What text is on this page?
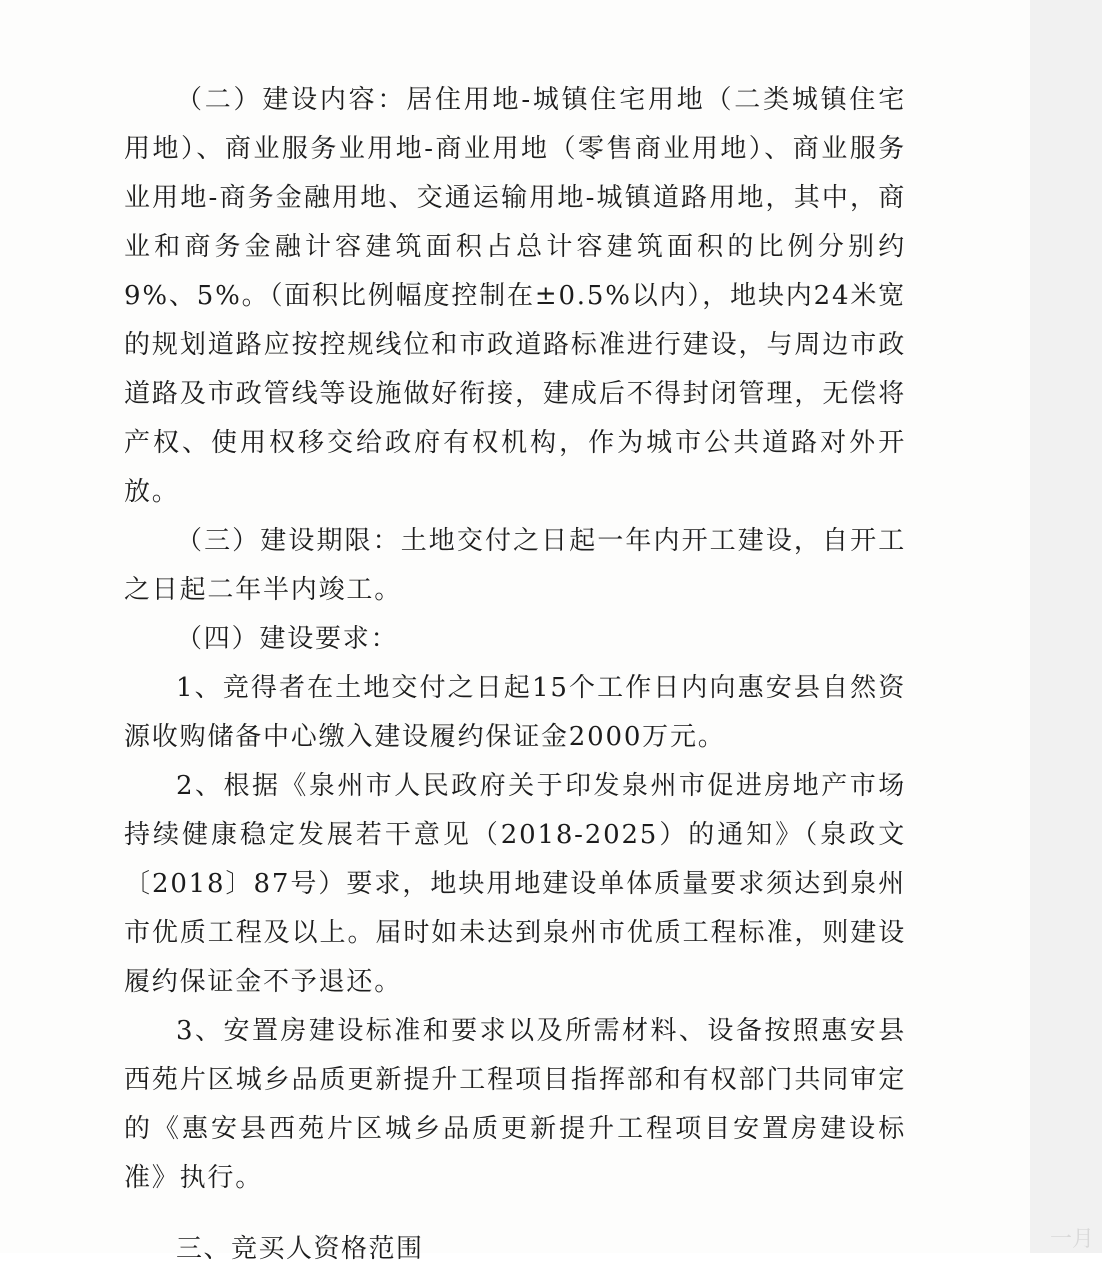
（二）建设内容：居住用地-城镇住宅用地（二类城镇住宅用地）、商业服务业用地-商业用地（零售商业用地）、商业服务业用地-商务金融用地、交通运输用地-城镇道路用地，其中，商业和商务金融计容建筑面积占总计容建筑面积的比例分别约9%、5%。（面积比例幅度控制在±0.5%以内），地块内24米宽的规划道路应按控规线位和市政道路标准进行建设，与周边市政道路及市政管线等设施做好衔接，建成后不得封闭管理，无偿将产权、使用权移交给政府有权机构，作为城市公共道路对外开放。

（三）建设期限：土地交付之日起一年内开工建设，自开工之日起二年半内竣工。

（四）建设要求：

1、竞得者在土地交付之日起15个工作日内向惠安县自然资源收购储备中心缴入建设履约保证金2000万元。

2、根据《泉州市人民政府关于印发泉州市促进房地产市场持续健康稳定发展若干意见（2018-2025）的通知》（泉政文〔2018〕87号）要求，地块用地建设单体质量要求须达到泉州市优质工程及以上。届时如未达到泉州市优质工程标准，则建设履约保证金不予退还。

3、安置房建设标准和要求以及所需材料、设备按照惠安县西苑片区城乡品质更新提升工程项目指挥部和有权部门共同审定的《惠安县西苑片区城乡品质更新提升工程项目安置房建设标准》执行。

三、竞买人资格范围	一月
